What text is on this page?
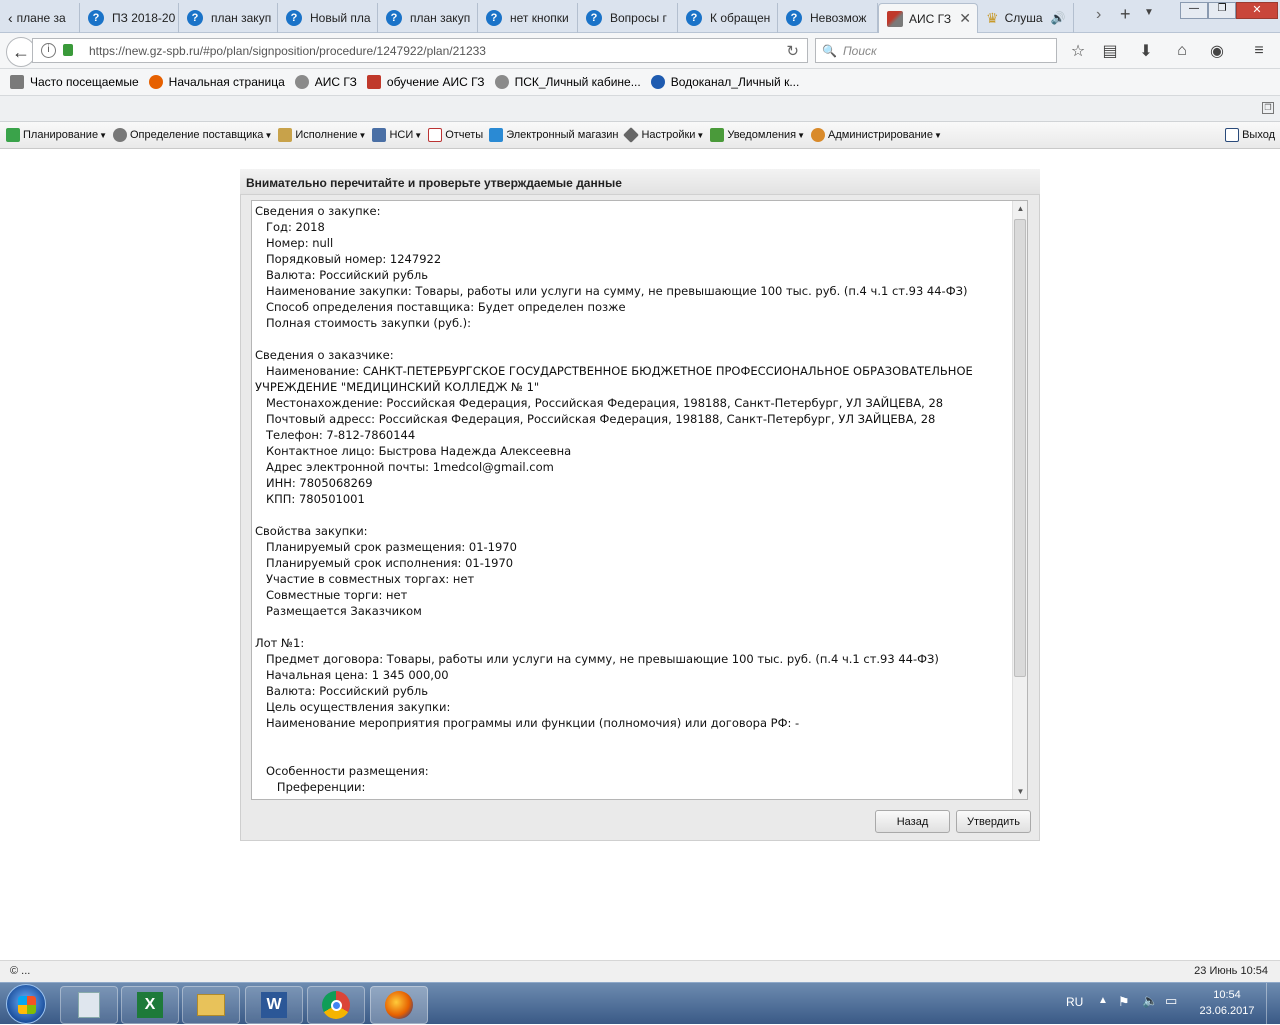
‹ плане за	?	ПЗ 2018-20	?	план закуп	?	Новый пла	?	план закуп	?	нет кнопки	?	Вопросы г	?	К обращен	?	Невозмож	АИС ГЗ ✕ ♛ Слуша 🔊 › + ▼	—	❐	✕
←	i	https://new.gz-spb.ru/#po/plan/signposition/procedure/1247922/plan/21233	↻ 🔍 Поиск	☆ ▤ ⬇	⌂	◉	≡
Часто посещаемые	Начальная страница	АИС ГЗ	обучение АИС ГЗ	ПСК_Личный кабине...	Водоканал_Личный к...
❐
Планирование ▼ Определение поставщика ▼ Исполнение ▼ НСИ ▼ Отчеты Электронный магазин Настройки ▼ Уведомления ▼ Администрирование ▼	Выход
Внимательно перечитайте и проверьте утверждаемые данные
Сведения о закупке:
Год: 2018
Номер: null
Порядковый номер: 1247922
Валюта: Российский рубль
Наименование закупки: Товары, работы или услуги на сумму, не превышающие 100 тыс. руб. (п.4 ч.1 ст.93 44-ФЗ)
Способ определения поставщика: Будет определен позже
Полная стоимость закупки (руб.):

Сведения о заказчике:
Наименование: САНКТ-ПЕТЕРБУРГСКОЕ ГОСУДАРСТВЕННОЕ БЮДЖЕТНОЕ ПРОФЕССИОНАЛЬНОЕ ОБРАЗОВАТЕЛЬНОЕ
УЧРЕЖДЕНИЕ "МЕДИЦИНСКИЙ КОЛЛЕДЖ № 1"
Местонахождение: Российская Федерация, Российская Федерация, 198188, Санкт-Петербург, УЛ ЗАЙЦЕВА, 28
Почтовый адресс: Российская Федерация, Российская Федерация, 198188, Санкт-Петербург, УЛ ЗАЙЦЕВА, 28
Телефон: 7-812-7860144
Контактное лицо: Быстрова Надежда Алексеевна
Адрес электронной почты: 1medcol@gmail.com
ИНН: 7805068269
КПП: 780501001

Свойства закупки:
Планируемый срок размещения: 01-1970
Планируемый срок исполнения: 01-1970
Участие в совместных торгах: нет
Совместные торги: нет
Размещается Заказчиком

Лот №1:
Предмет договора: Товары, работы или услуги на сумму, не превышающие 100 тыс. руб. (п.4 ч.1 ст.93 44-ФЗ)
Начальная цена: 1 345 000,00
Валюта: Российский рубль
Цель осуществления закупки:
Наименование мероприятия программы или функции (полномочия) или договора РФ: -

Особенности размещения:
Преференции:
▲
▼
Назад	Утвердить
© ...	23 Июнь 10:54
X	W	RU ▲ ⚑ 🔈 ▭	10:54
23.06.2017
